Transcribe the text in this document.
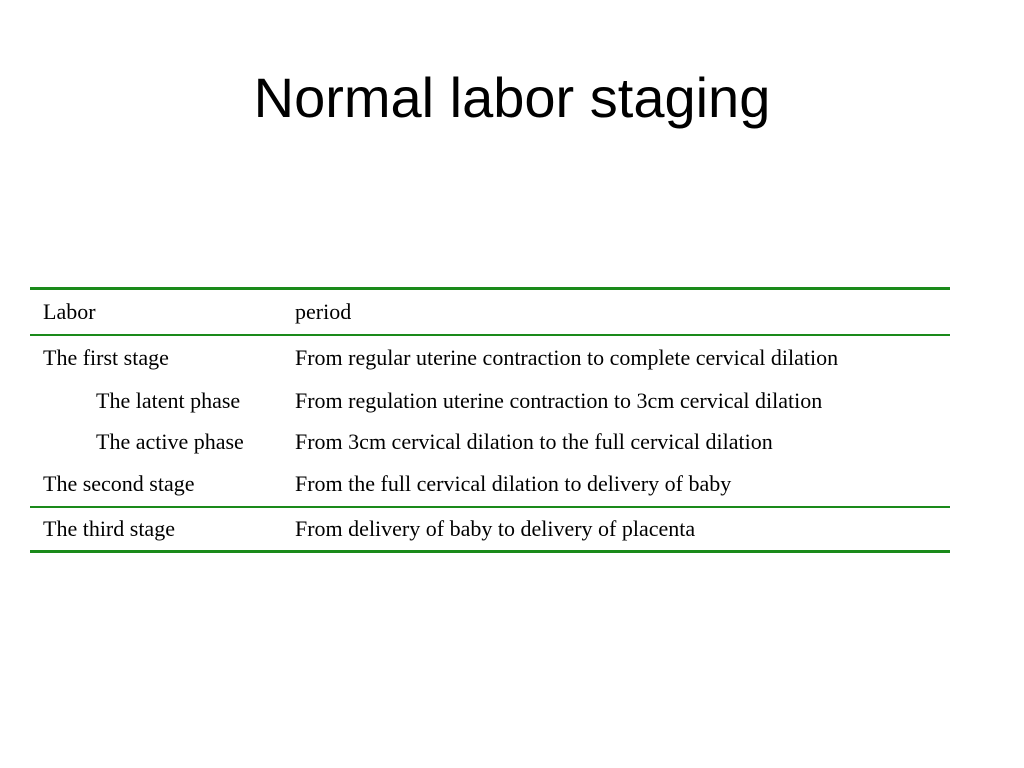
Normal labor staging
Labor	period
The first stage	From regular uterine contraction to complete cervical dilation
The latent phase	From regulation uterine contraction to 3cm cervical dilation
The active phase	From 3cm cervical dilation to the full cervical dilation
The second stage	From the full cervical dilation to delivery of baby
The third stage	From delivery of baby to delivery of placenta
